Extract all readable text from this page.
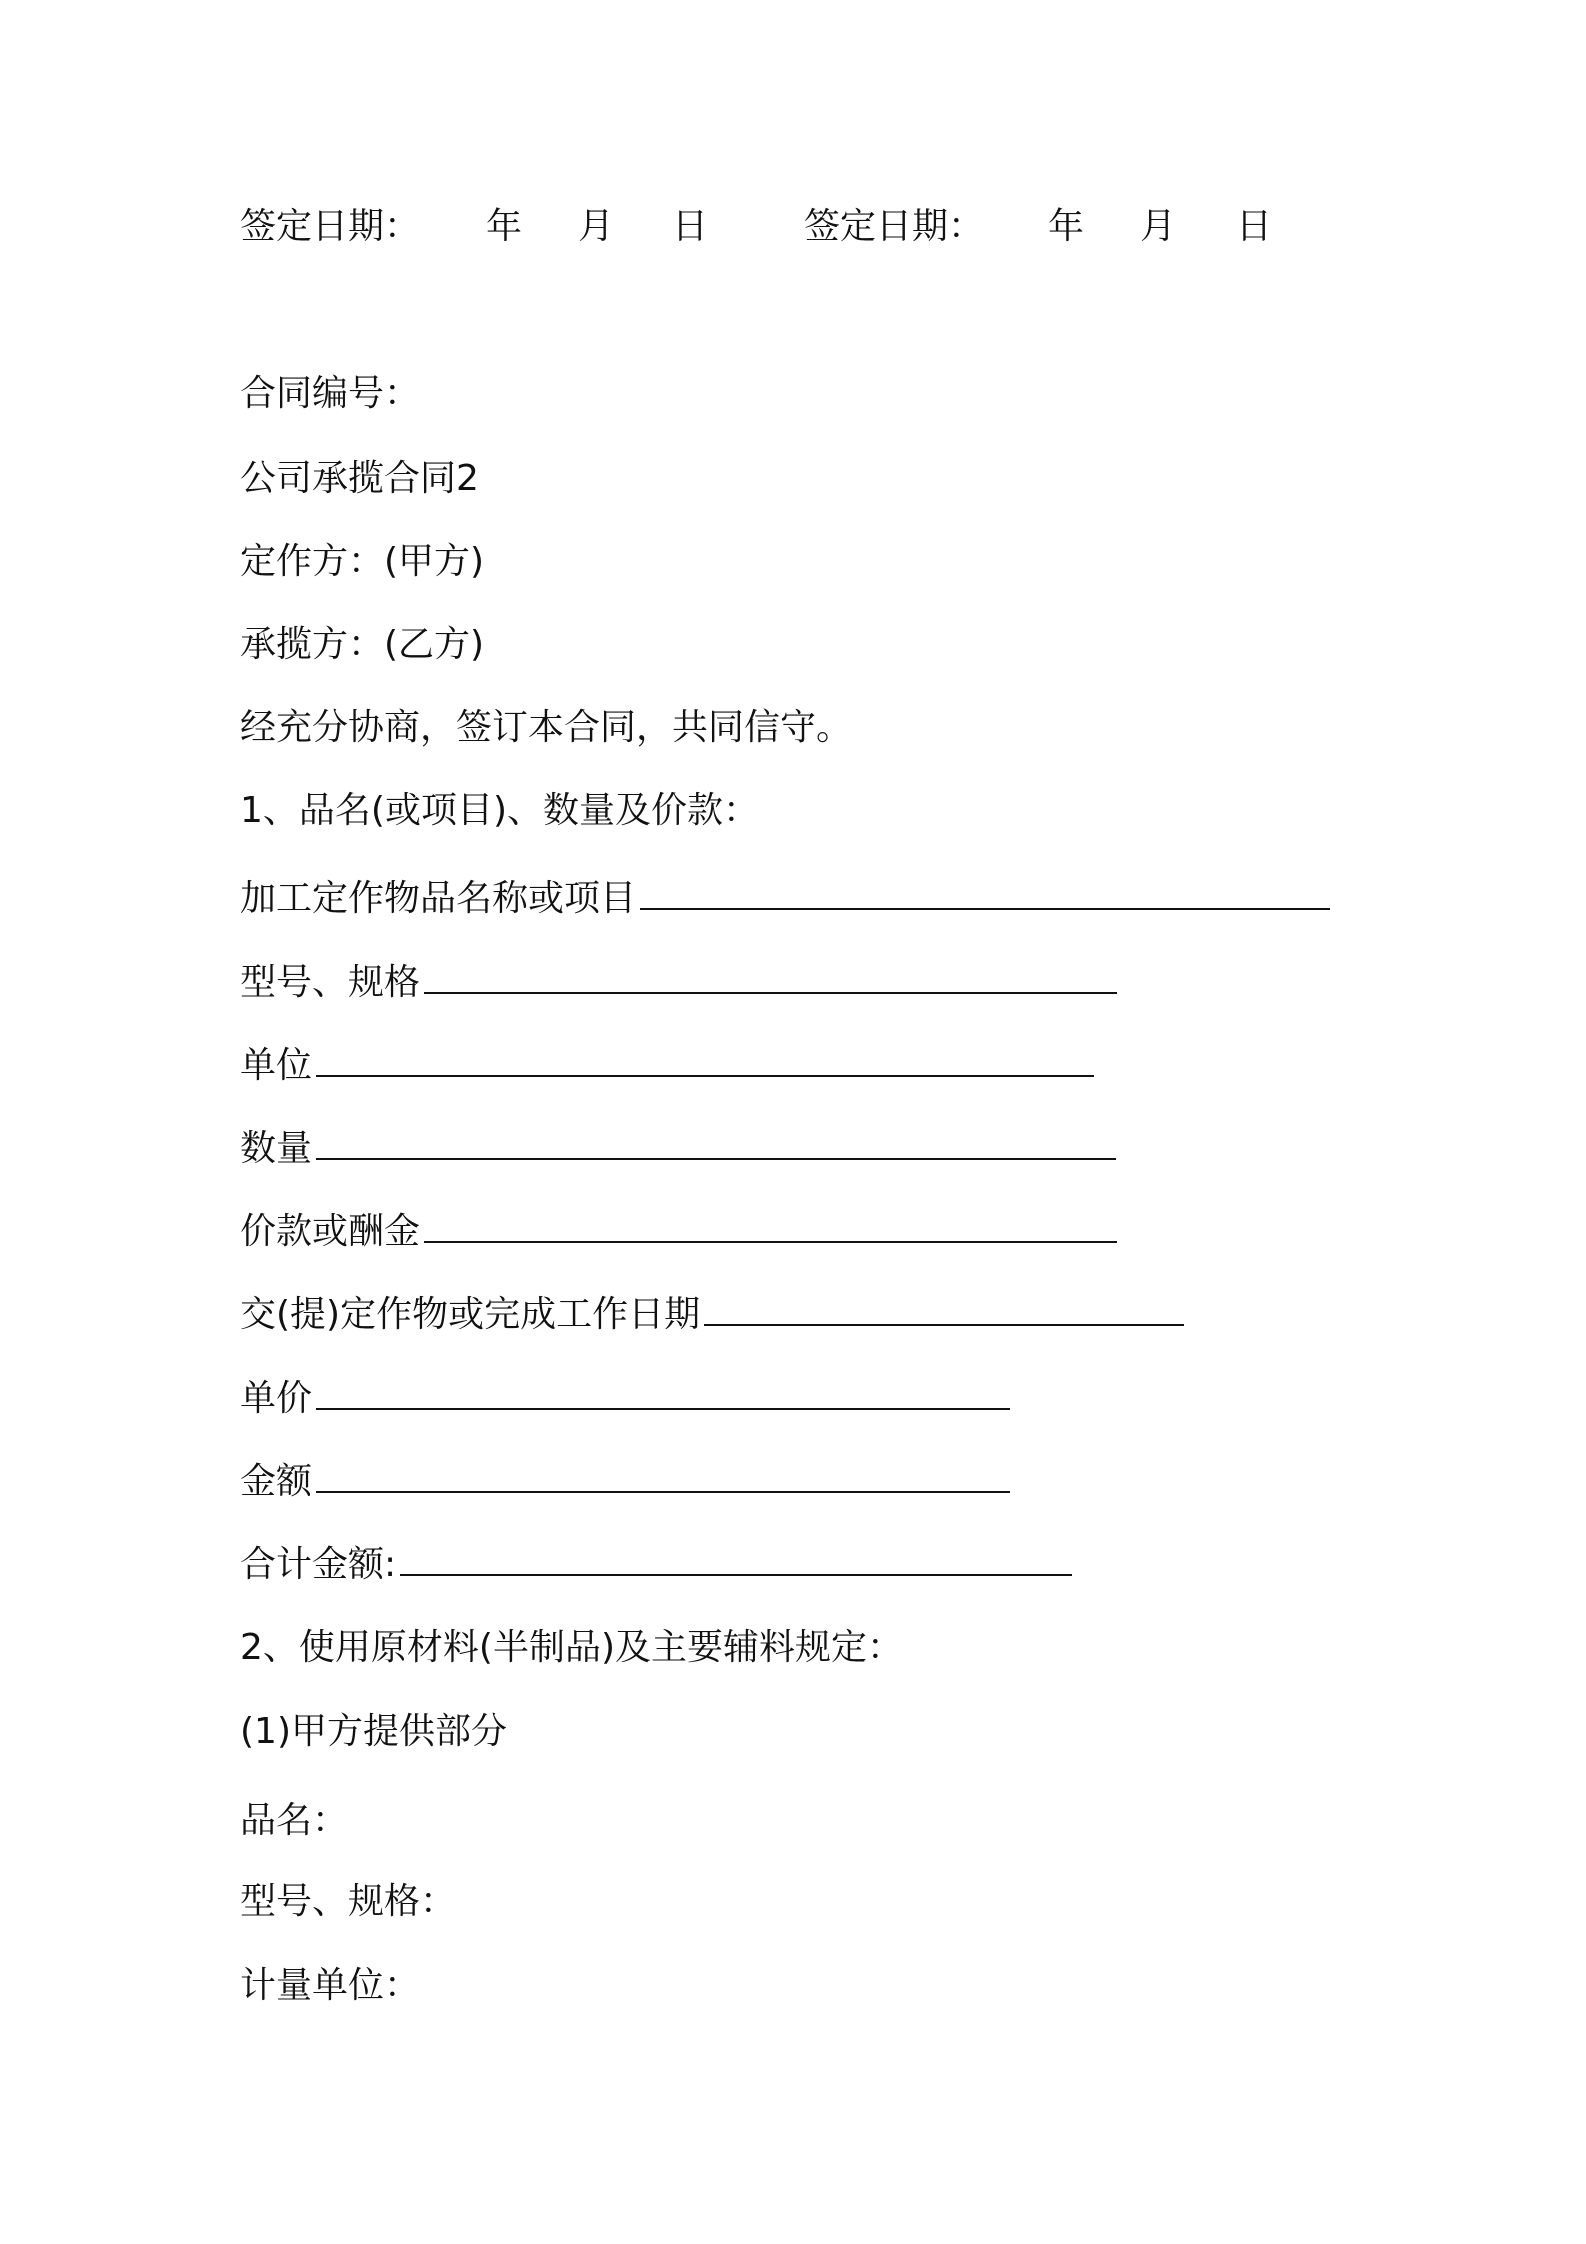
签定日期： 年 月 日	签定日期： 年 月 日
合同编号：
公司承揽合同2
定作方：(甲方)
承揽方：(乙方)
经充分协商，签订本合同，共同信守。
1、品名(或项目)、数量及价款：
加工定作物品名称或项目
型号、规格
单位
数量
价款或酬金
交(提)定作物或完成工作日期
单价
金额
合计金额:
2、使用原材料(半制品)及主要辅料规定：
(1)甲方提供部分
品名：
型号、规格：
计量单位：
